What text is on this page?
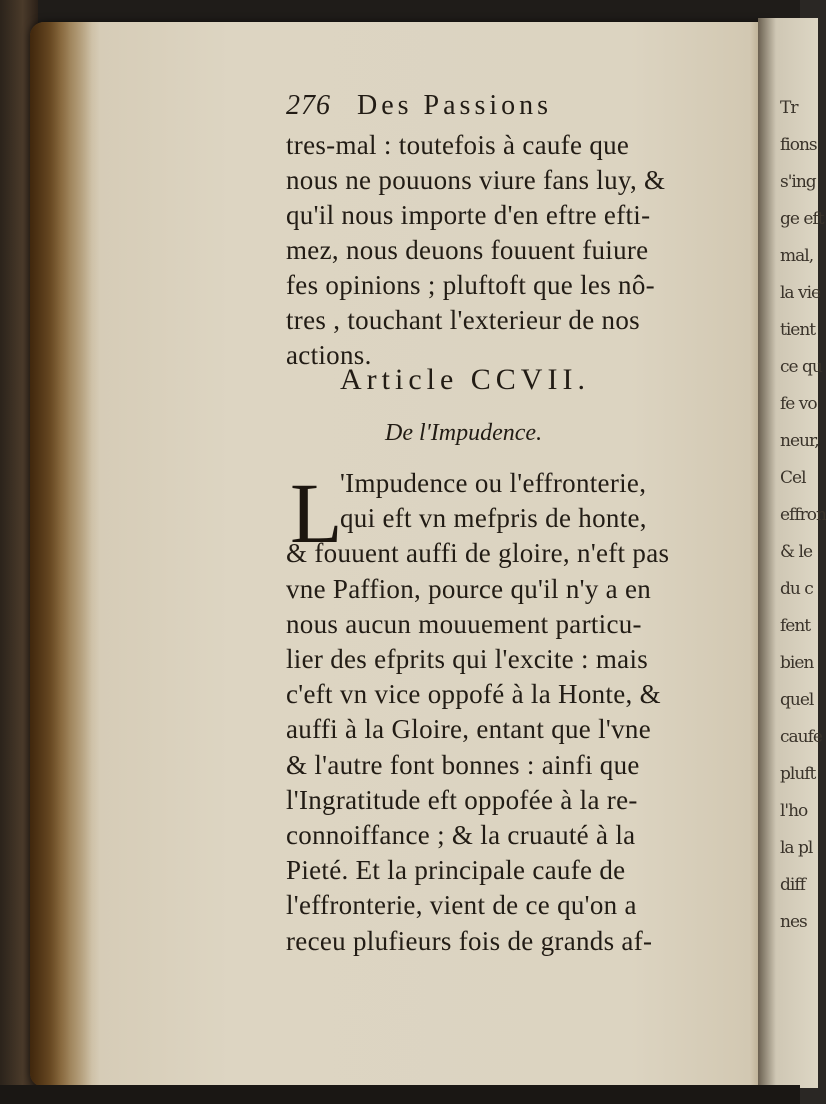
Tr
fions
s'ing
ge eft
mal,
la vie
tient
ce qu
fe vo
neur,
Cel
effron
& le
du c
fent
bien
quel
caufe
pluft
l'ho
la pl
diff
nes
276 Des Passions
tres-mal : toutefois à caufe que
nous ne pouuons viure fans luy, &
qu'il nous importe d'en eftre efti-
mez, nous deuons fouuent fuiure
fes opinions ; pluftoft que les nô-
tres , touchant l'exterieur de nos
actions.
Article CCVII.
De l'Impudence.
L
'Impudence ou l'effronterie,
qui eft vn mefpris de honte,
& fouuent auffi de gloire, n'eft pas
vne Paffion, pource qu'il n'y a en
nous aucun mouuement particu-
lier des efprits qui l'excite : mais
c'eft vn vice oppofé à la Honte, &
auffi à la Gloire, entant que l'vne
& l'autre font bonnes : ainfi que
l'Ingratitude eft oppofée à la re-
connoiffance ; & la cruauté à la
Pieté. Et la principale caufe de
l'effronterie, vient de ce qu'on a
receu plufieurs fois de grands af-
